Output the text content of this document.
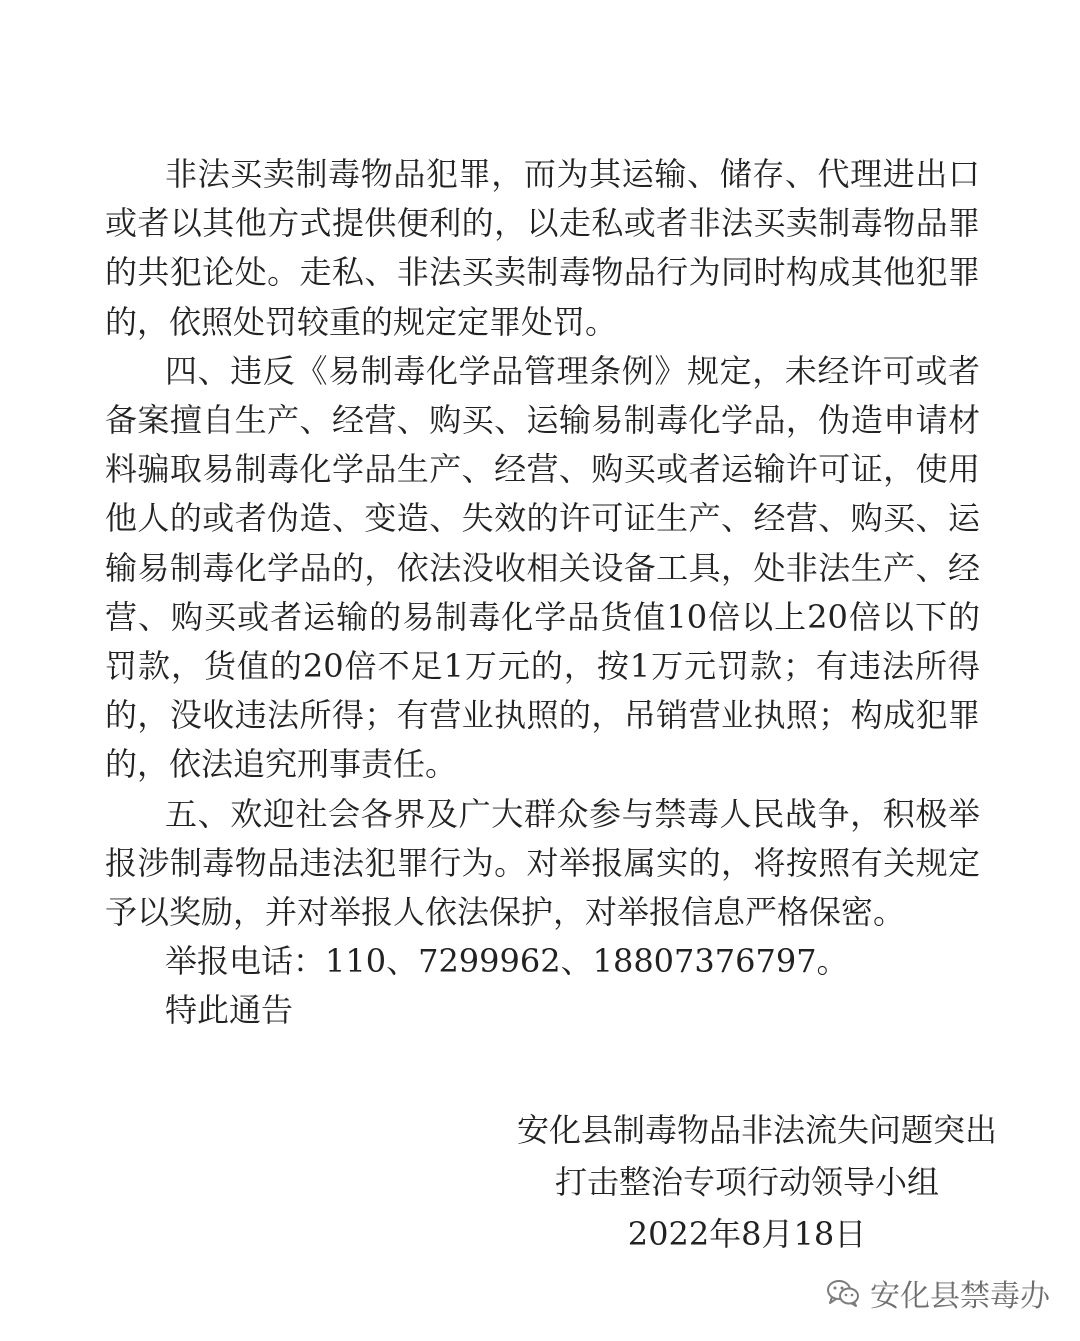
非法买卖制毒物品犯罪，而为其运输、储存、代理进出口或者以其他方式提供便利的，以走私或者非法买卖制毒物品罪的共犯论处。走私、非法买卖制毒物品行为同时构成其他犯罪的，依照处罚较重的规定定罪处罚。

四、违反《易制毒化学品管理条例》规定，未经许可或者备案擅自生产、经营、购买、运输易制毒化学品，伪造申请材料骗取易制毒化学品生产、经营、购买或者运输许可证，使用他人的或者伪造、变造、失效的许可证生产、经营、购买、运输易制毒化学品的，依法没收相关设备工具，处非法生产、经营、购买或者运输的易制毒化学品货值10倍以上20倍以下的罚款，货值的20倍不足1万元的，按1万元罚款；有违法所得的，没收违法所得；有营业执照的，吊销营业执照；构成犯罪的，依法追究刑事责任。

五、欢迎社会各界及广大群众参与禁毒人民战争，积极举报涉制毒物品违法犯罪行为。对举报属实的，将按照有关规定予以奖励，并对举报人依法保护，对举报信息严格保密。

举报电话：110、7299962、18807376797。

特此通告

安化县制毒物品非法流失问题突出
打击整治专项行动领导小组
2022年8月18日
安化县禁毒办
